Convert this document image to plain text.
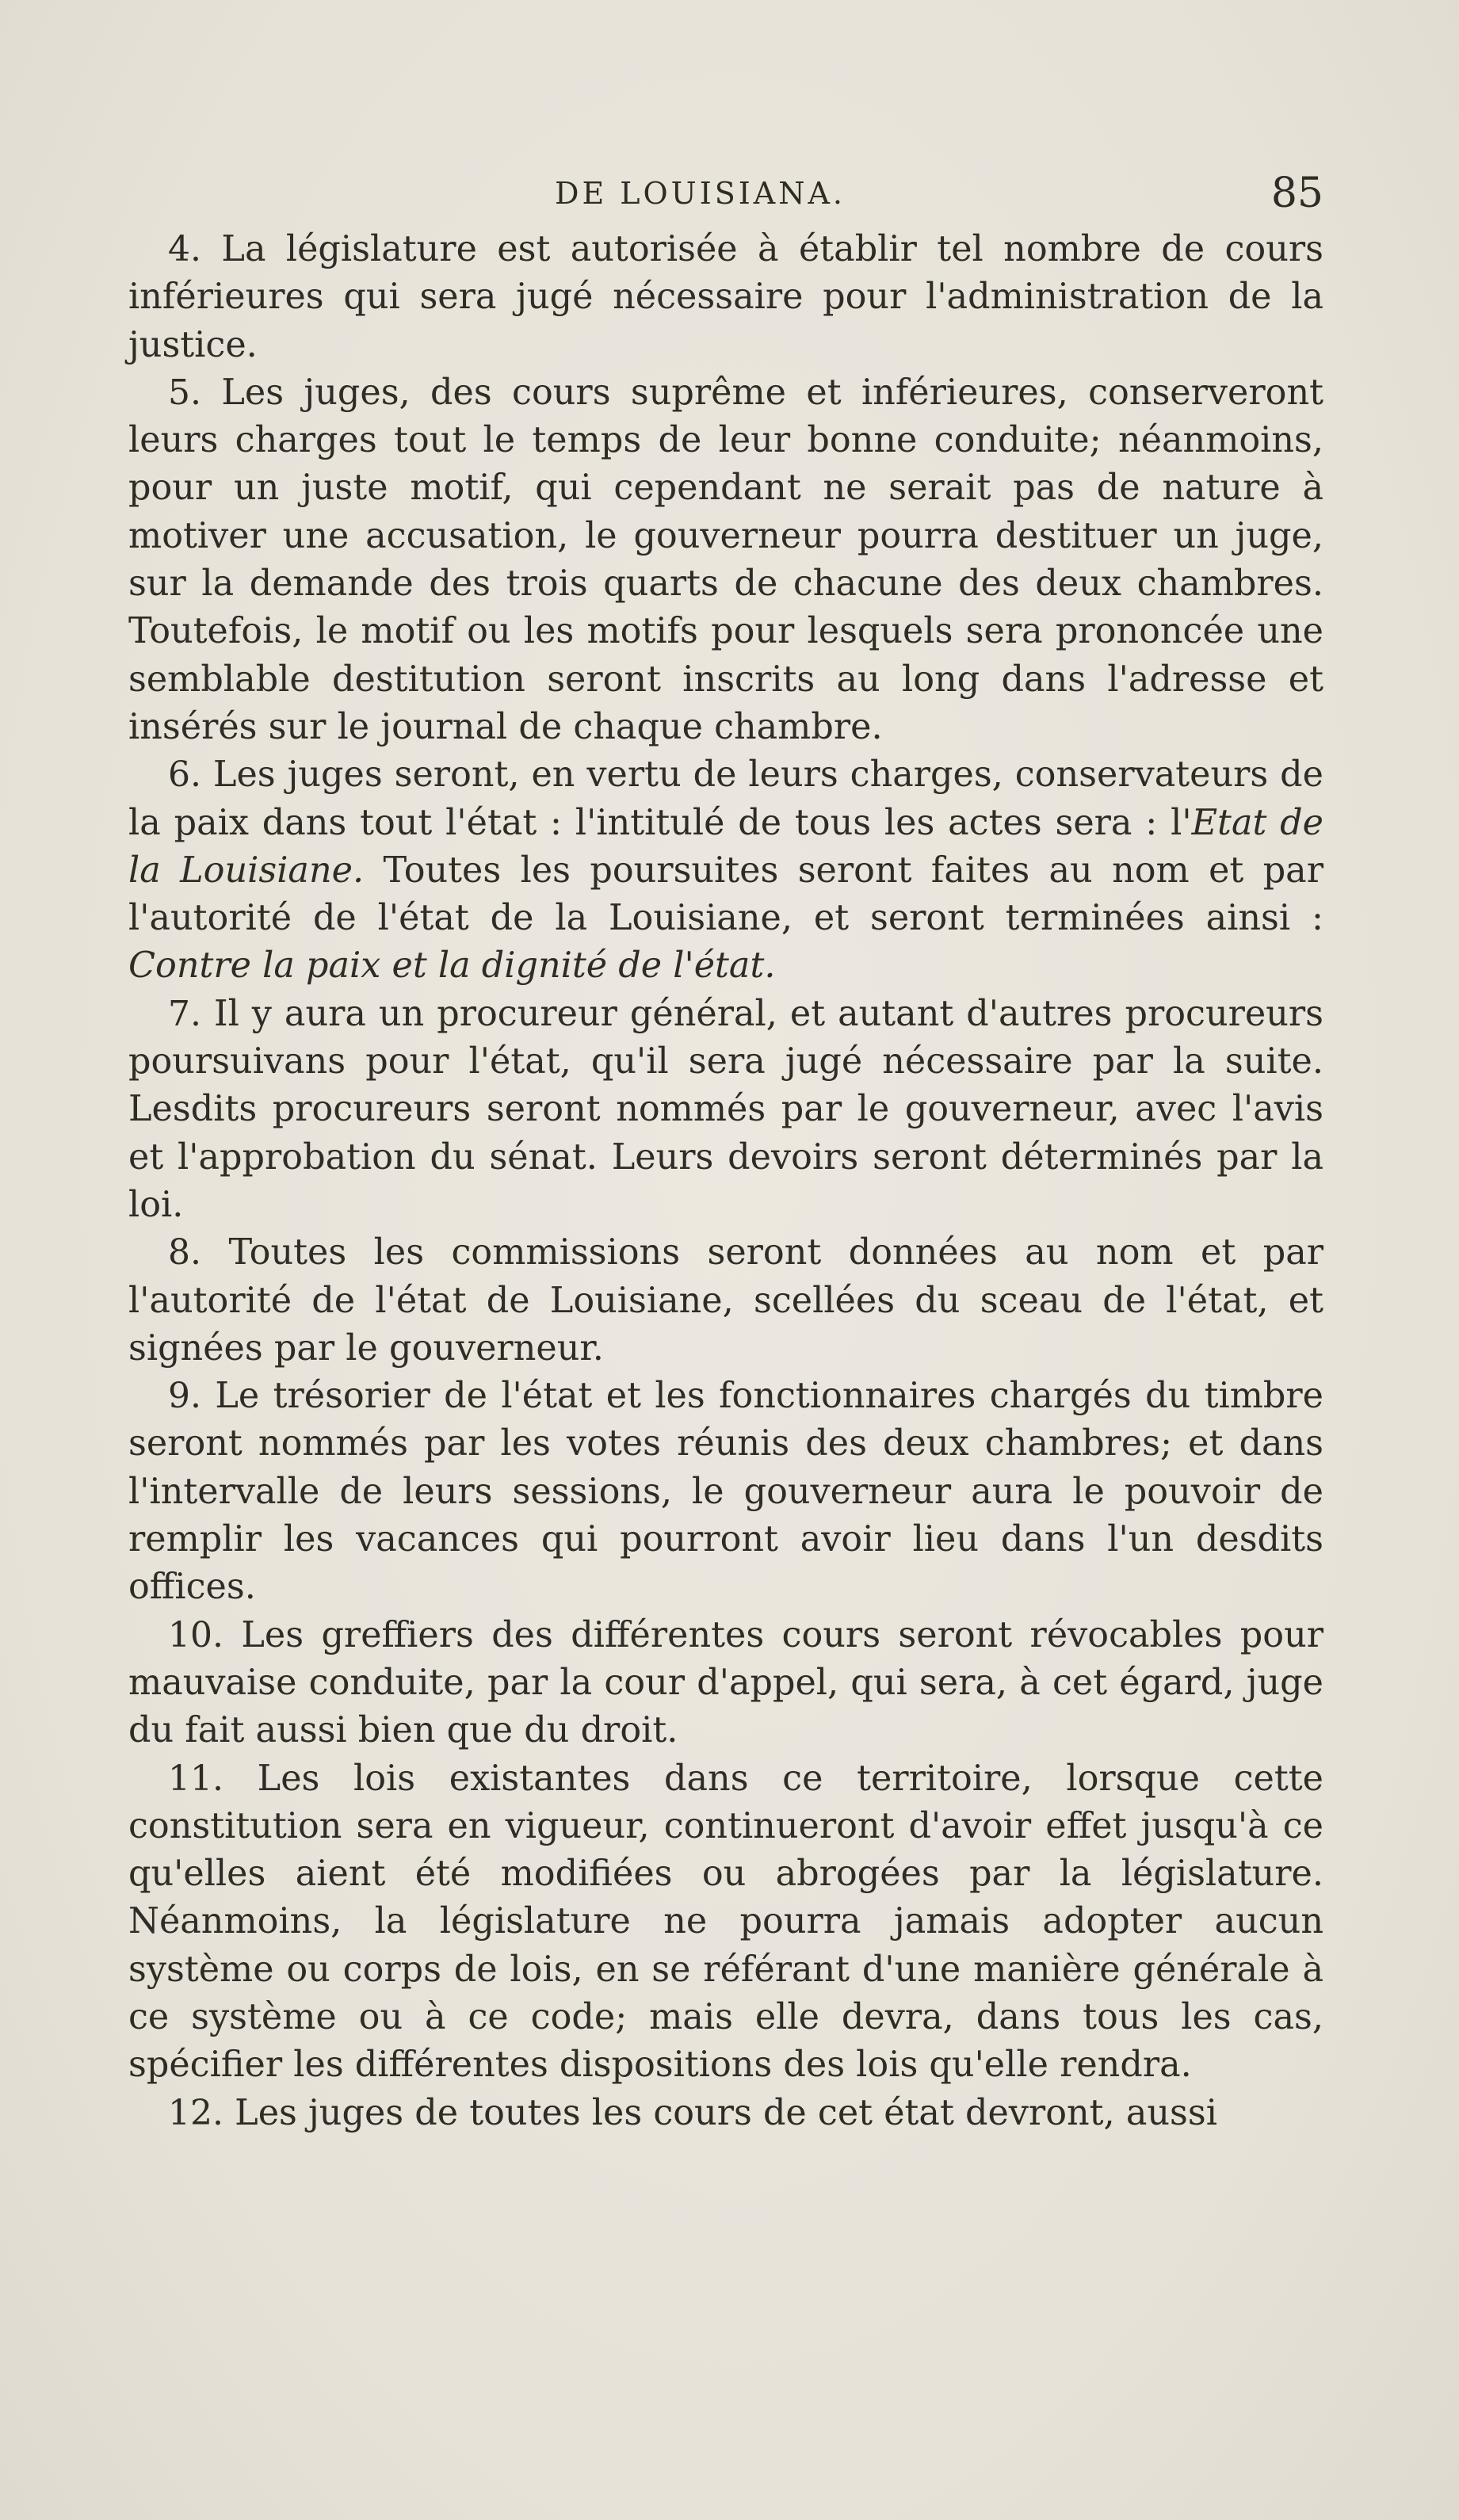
DE LOUISIANA.	85

4. La législature est autorisée à établir tel nombre de cours inférieures qui sera jugé nécessaire pour l'administration de la justice.

5. Les juges, des cours suprême et inférieures, conserveront leurs charges tout le temps de leur bonne conduite; néanmoins, pour un juste motif, qui cependant ne serait pas de nature à motiver une accusation, le gouverneur pourra destituer un juge, sur la demande des trois quarts de chacune des deux chambres. Toutefois, le motif ou les motifs pour lesquels sera prononcée une semblable destitution seront inscrits au long dans l'adresse et insérés sur le journal de chaque chambre.

6. Les juges seront, en vertu de leurs charges, conservateurs de la paix dans tout l'état : l'intitulé de tous les actes sera : l'Etat de la Louisiane. Toutes les poursuites seront faites au nom et par l'autorité de l'état de la Louisiane, et seront terminées ainsi : Contre la paix et la dignité de l'état.

7. Il y aura un procureur général, et autant d'autres procureurs poursuivans pour l'état, qu'il sera jugé nécessaire par la suite. Lesdits procureurs seront nommés par le gouverneur, avec l'avis et l'approbation du sénat. Leurs devoirs seront déterminés par la loi.

8. Toutes les commissions seront données au nom et par l'autorité de l'état de Louisiane, scellées du sceau de l'état, et signées par le gouverneur.

9. Le trésorier de l'état et les fonctionnaires chargés du timbre seront nommés par les votes réunis des deux chambres; et dans l'intervalle de leurs sessions, le gouverneur aura le pouvoir de remplir les vacances qui pourront avoir lieu dans l'un desdits offices.

10. Les greffiers des différentes cours seront révocables pour mauvaise conduite, par la cour d'appel, qui sera, à cet égard, juge du fait aussi bien que du droit.

11. Les lois existantes dans ce territoire, lorsque cette constitution sera en vigueur, continueront d'avoir effet jusqu'à ce qu'elles aient été modifiées ou abrogées par la législature. Néanmoins, la législature ne pourra jamais adopter aucun système ou corps de lois, en se référant d'une manière générale à ce système ou à ce code; mais elle devra, dans tous les cas, spécifier les différentes dispositions des lois qu'elle rendra.

12. Les juges de toutes les cours de cet état devront, aussi
